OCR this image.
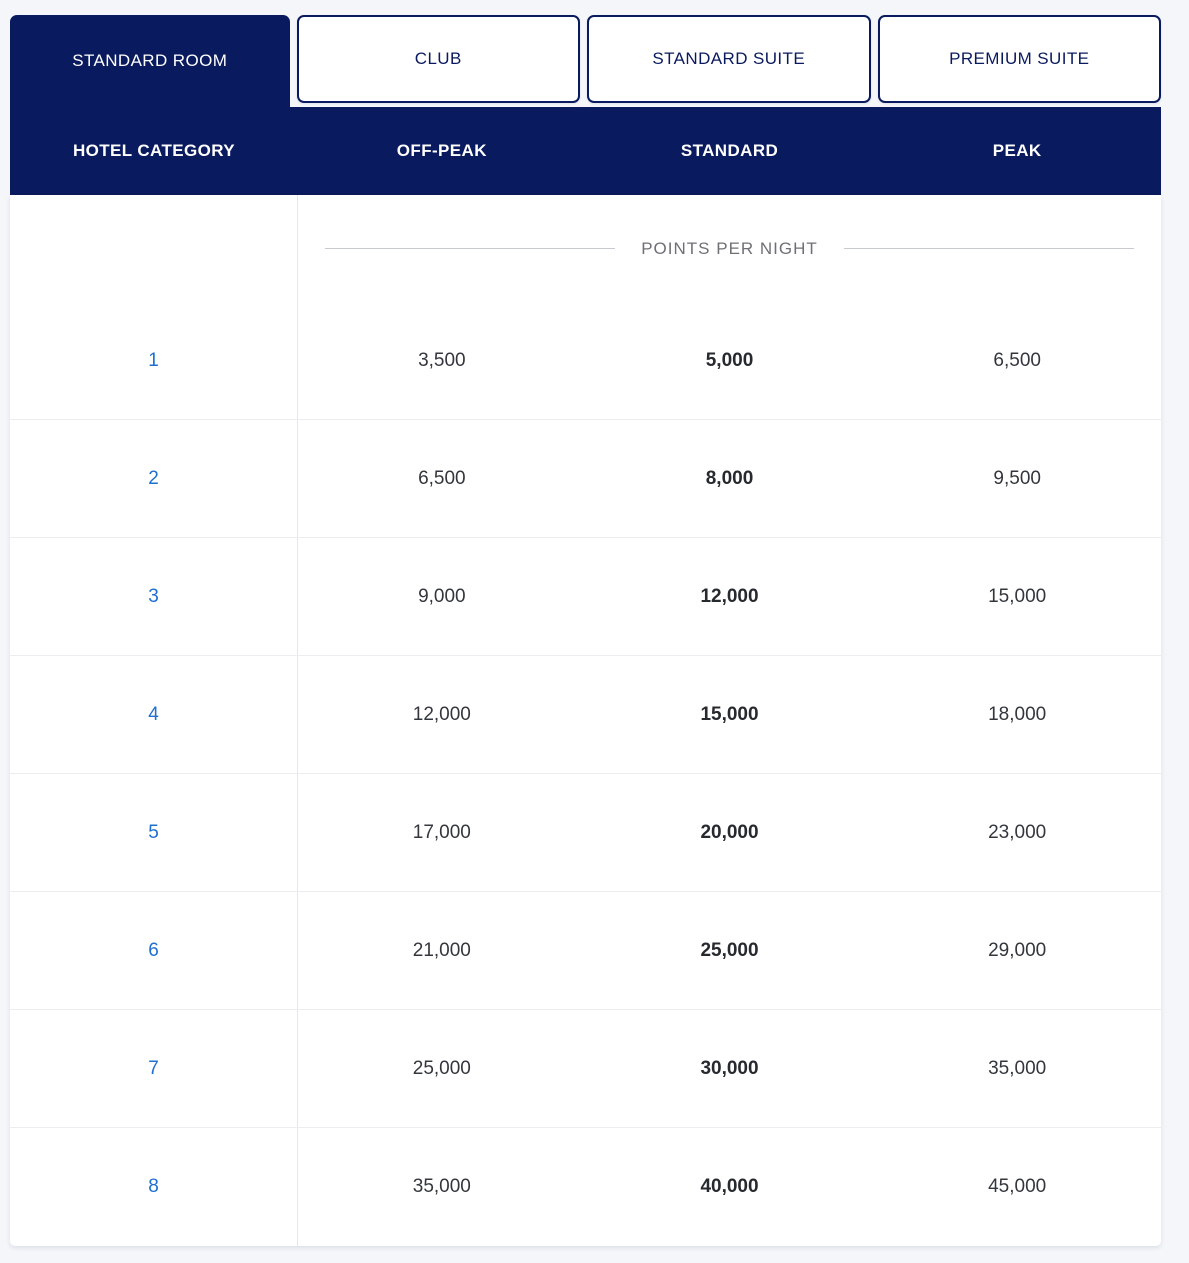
STANDARD ROOM	CLUB	STANDARD SUITE	PREMIUM SUITE
HOTEL CATEGORY	OFF-PEAK	STANDARD	PEAK
POINTS PER NIGHT
1	3,500	5,000	6,500
2	6,500	8,000	9,500
3	9,000	12,000	15,000
4	12,000	15,000	18,000
5	17,000	20,000	23,000
6	21,000	25,000	29,000
7	25,000	30,000	35,000
8	35,000	40,000	45,000
